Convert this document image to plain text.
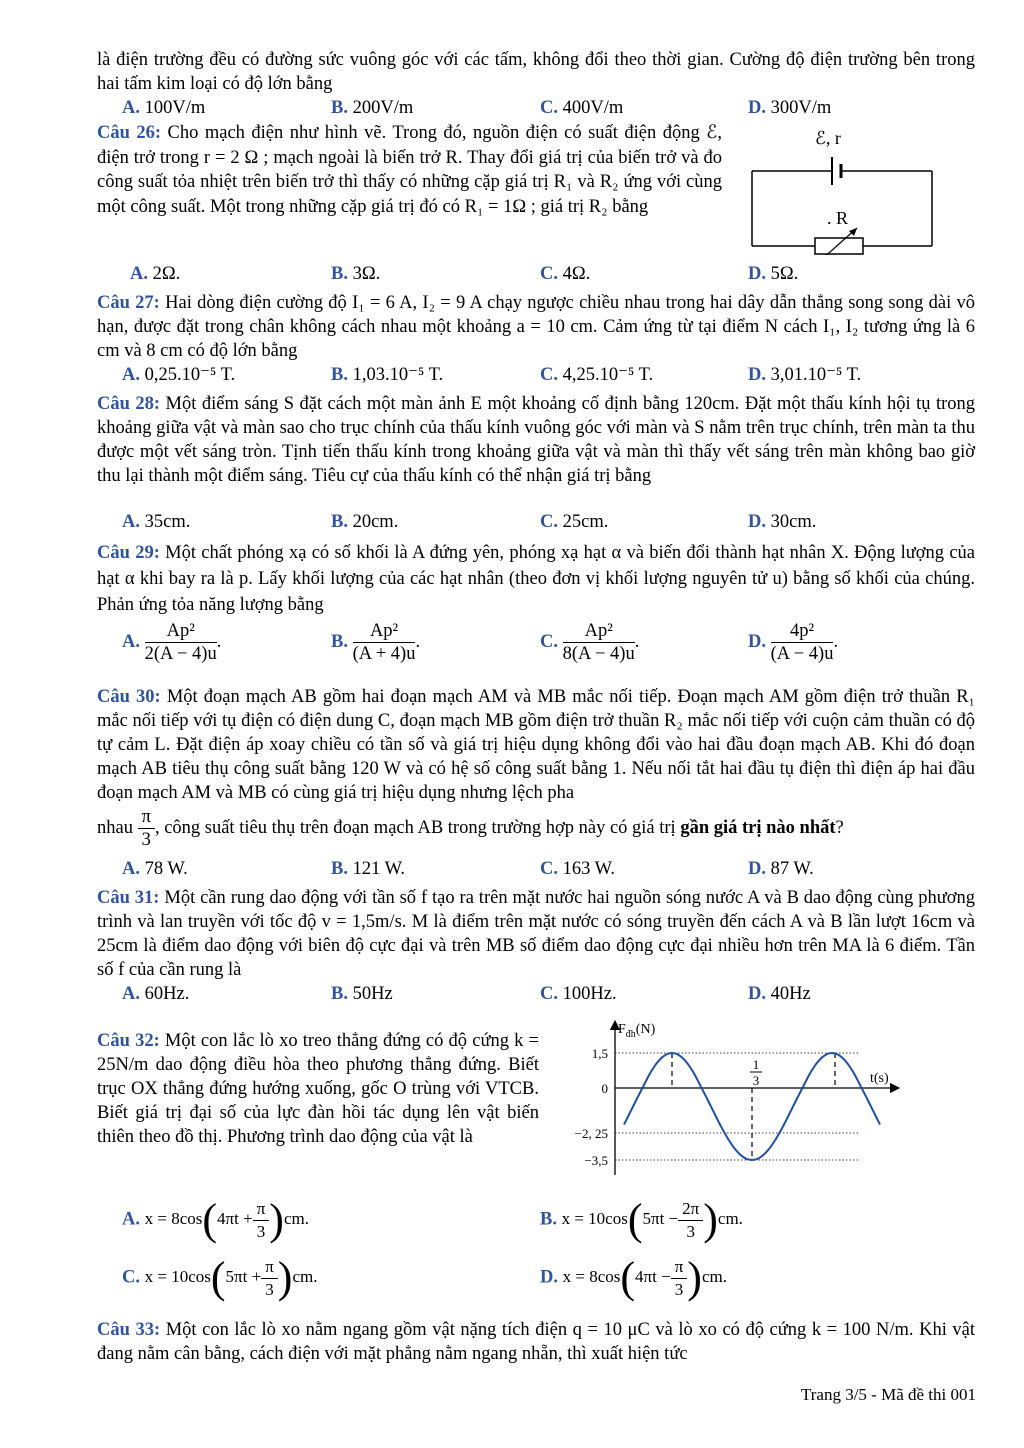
là điện trường đều có đường sức vuông góc với các tấm, không đổi theo thời gian. Cường độ điện trường bên trong hai tấm kim loại có độ lớn bằng
A. 100V/m	B. 200V/m	C. 400V/m	D. 300V/m
Câu 26: Cho mạch điện như hình vẽ. Trong đó, nguồn điện có suất điện động ℰ, điện trở trong r = 2 Ω ; mạch ngoài là biến trở R. Thay đổi giá trị của biến trở và đo công suất tỏa nhiệt trên biến trở thì thấy có những cặp giá trị R₁ và R₂ ứng với cùng một công suất. Một trong những cặp giá trị đó có R₁ = 1Ω ; giá trị R₂ bằng
ℰ, r
. R
A. 2Ω.	B. 3Ω.	C. 4Ω.	D. 5Ω.
Câu 27: Hai dòng điện cường độ I₁ = 6 A, I₂ = 9 A chạy ngược chiều nhau trong hai dây dẫn thẳng song song dài vô hạn, được đặt trong chân không cách nhau một khoảng a = 10 cm. Cảm ứng từ tại điểm N cách I₁, I₂ tương ứng là 6 cm và 8 cm có độ lớn bằng
A. 0,25.10⁻⁵ T.	B. 1,03.10⁻⁵ T.	C. 4,25.10⁻⁵ T.	D. 3,01.10⁻⁵ T.
Câu 28: Một điểm sáng S đặt cách một màn ảnh E một khoảng cố định bằng 120cm. Đặt một thấu kính hội tụ trong khoảng giữa vật và màn sao cho trục chính của thấu kính vuông góc với màn và S nằm trên trục chính, trên màn ta thu được một vết sáng tròn. Tịnh tiến thấu kính trong khoảng giữa vật và màn thì thấy vết sáng trên màn không bao giờ thu lại thành một điểm sáng. Tiêu cự của thấu kính có thể nhận giá trị bằng
A. 35cm.	B. 20cm.	C. 25cm.	D. 30cm.
Câu 29: Một chất phóng xạ có số khối là A đứng yên, phóng xạ hạt α và biến đổi thành hạt nhân X. Động lượng của hạt α khi bay ra là p. Lấy khối lượng của các hạt nhân (theo đơn vị khối lượng nguyên tử u) bằng số khối của chúng. Phản ứng tỏa năng lượng bằng
A. $\frac{\text{Ap²}}{2(A - 4)u}$ .	B. $\frac{\text{Ap²}}{(A + 4)u}$ .	C. $\frac{\text{Ap²}}{8(A - 4)u}$ .	D. $\frac{\text{4p²}}{(A - 4)u}$ .
Câu 30: Một đoạn mạch AB gồm hai đoạn mạch AM và MB mắc nối tiếp. Đoạn mạch AM gồm điện trở thuần R₁ mắc nối tiếp với tụ điện có điện dung C, đoạn mạch MB gồm điện trở thuần R₂ mắc nối tiếp với cuộn cảm thuần có độ tự cảm L. Đặt điện áp xoay chiều có tần số và giá trị hiệu dụng không đổi vào hai đầu đoạn mạch AB. Khi đó đoạn mạch AB tiêu thụ công suất bằng 120 W và có hệ số công suất bằng 1. Nếu nối tắt hai đầu tụ điện thì điện áp hai đầu đoạn mạch AM và MB có cùng giá trị hiệu dụng nhưng lệch pha
nhau $\frac{\pi}{3}$ , công suất tiêu thụ trên đoạn mạch AB trong trường hợp này có giá trị gần giá trị nào nhất?
A. 78 W.	B. 121 W.	C. 163 W.	D. 87 W.
Câu 31: Một cần rung dao động với tần số f tạo ra trên mặt nước hai nguồn sóng nước A và B dao động cùng phương trình và lan truyền với tốc độ v = 1,5m/s. M là điểm trên mặt nước có sóng truyền đến cách A và B lần lượt 16cm và 25cm là điểm dao động với biên độ cực đại và trên MB số điểm dao động cực đại nhiều hơn trên MA là 6 điểm. Tần số f của cần rung là
A. 60Hz.	B. 50Hz	C. 100Hz.	D. 40Hz
Câu 32: Một con lắc lò xo treo thẳng đứng có độ cứng k = 25N/m dao động điều hòa theo phương thẳng đứng. Biết trục OX thẳng đứng hướng xuống, gốc O trùng với VTCB. Biết giá trị đại số của lực đàn hồi tác dụng lên vật biến thiên theo đồ thị. Phương trình dao động của vật là
$F_{đh}(N)$
t(s)
1,5
0
−2, 25
−3,5
1
3
A. $x = 8\cos(4\pi t + \frac{\pi}{3} )cm$.	B. $x = 10\cos(5\pi t - \frac{2\pi}{3} )cm$.
C. $x = 10\cos(5\pi t + \frac{\pi}{3} )cm$.	D. $x = 8\cos(4\pi t - \frac{\pi}{3} )cm$.
Câu 33: Một con lắc lò xo nằm ngang gồm vật nặng tích điện q = 10 μC và lò xo có độ cứng k = 100 N/m. Khi vật đang nằm cân bằng, cách điện với mặt phẳng nằm ngang nhẵn, thì xuất hiện tức
Trang 3/5 - Mã đề thi 001
